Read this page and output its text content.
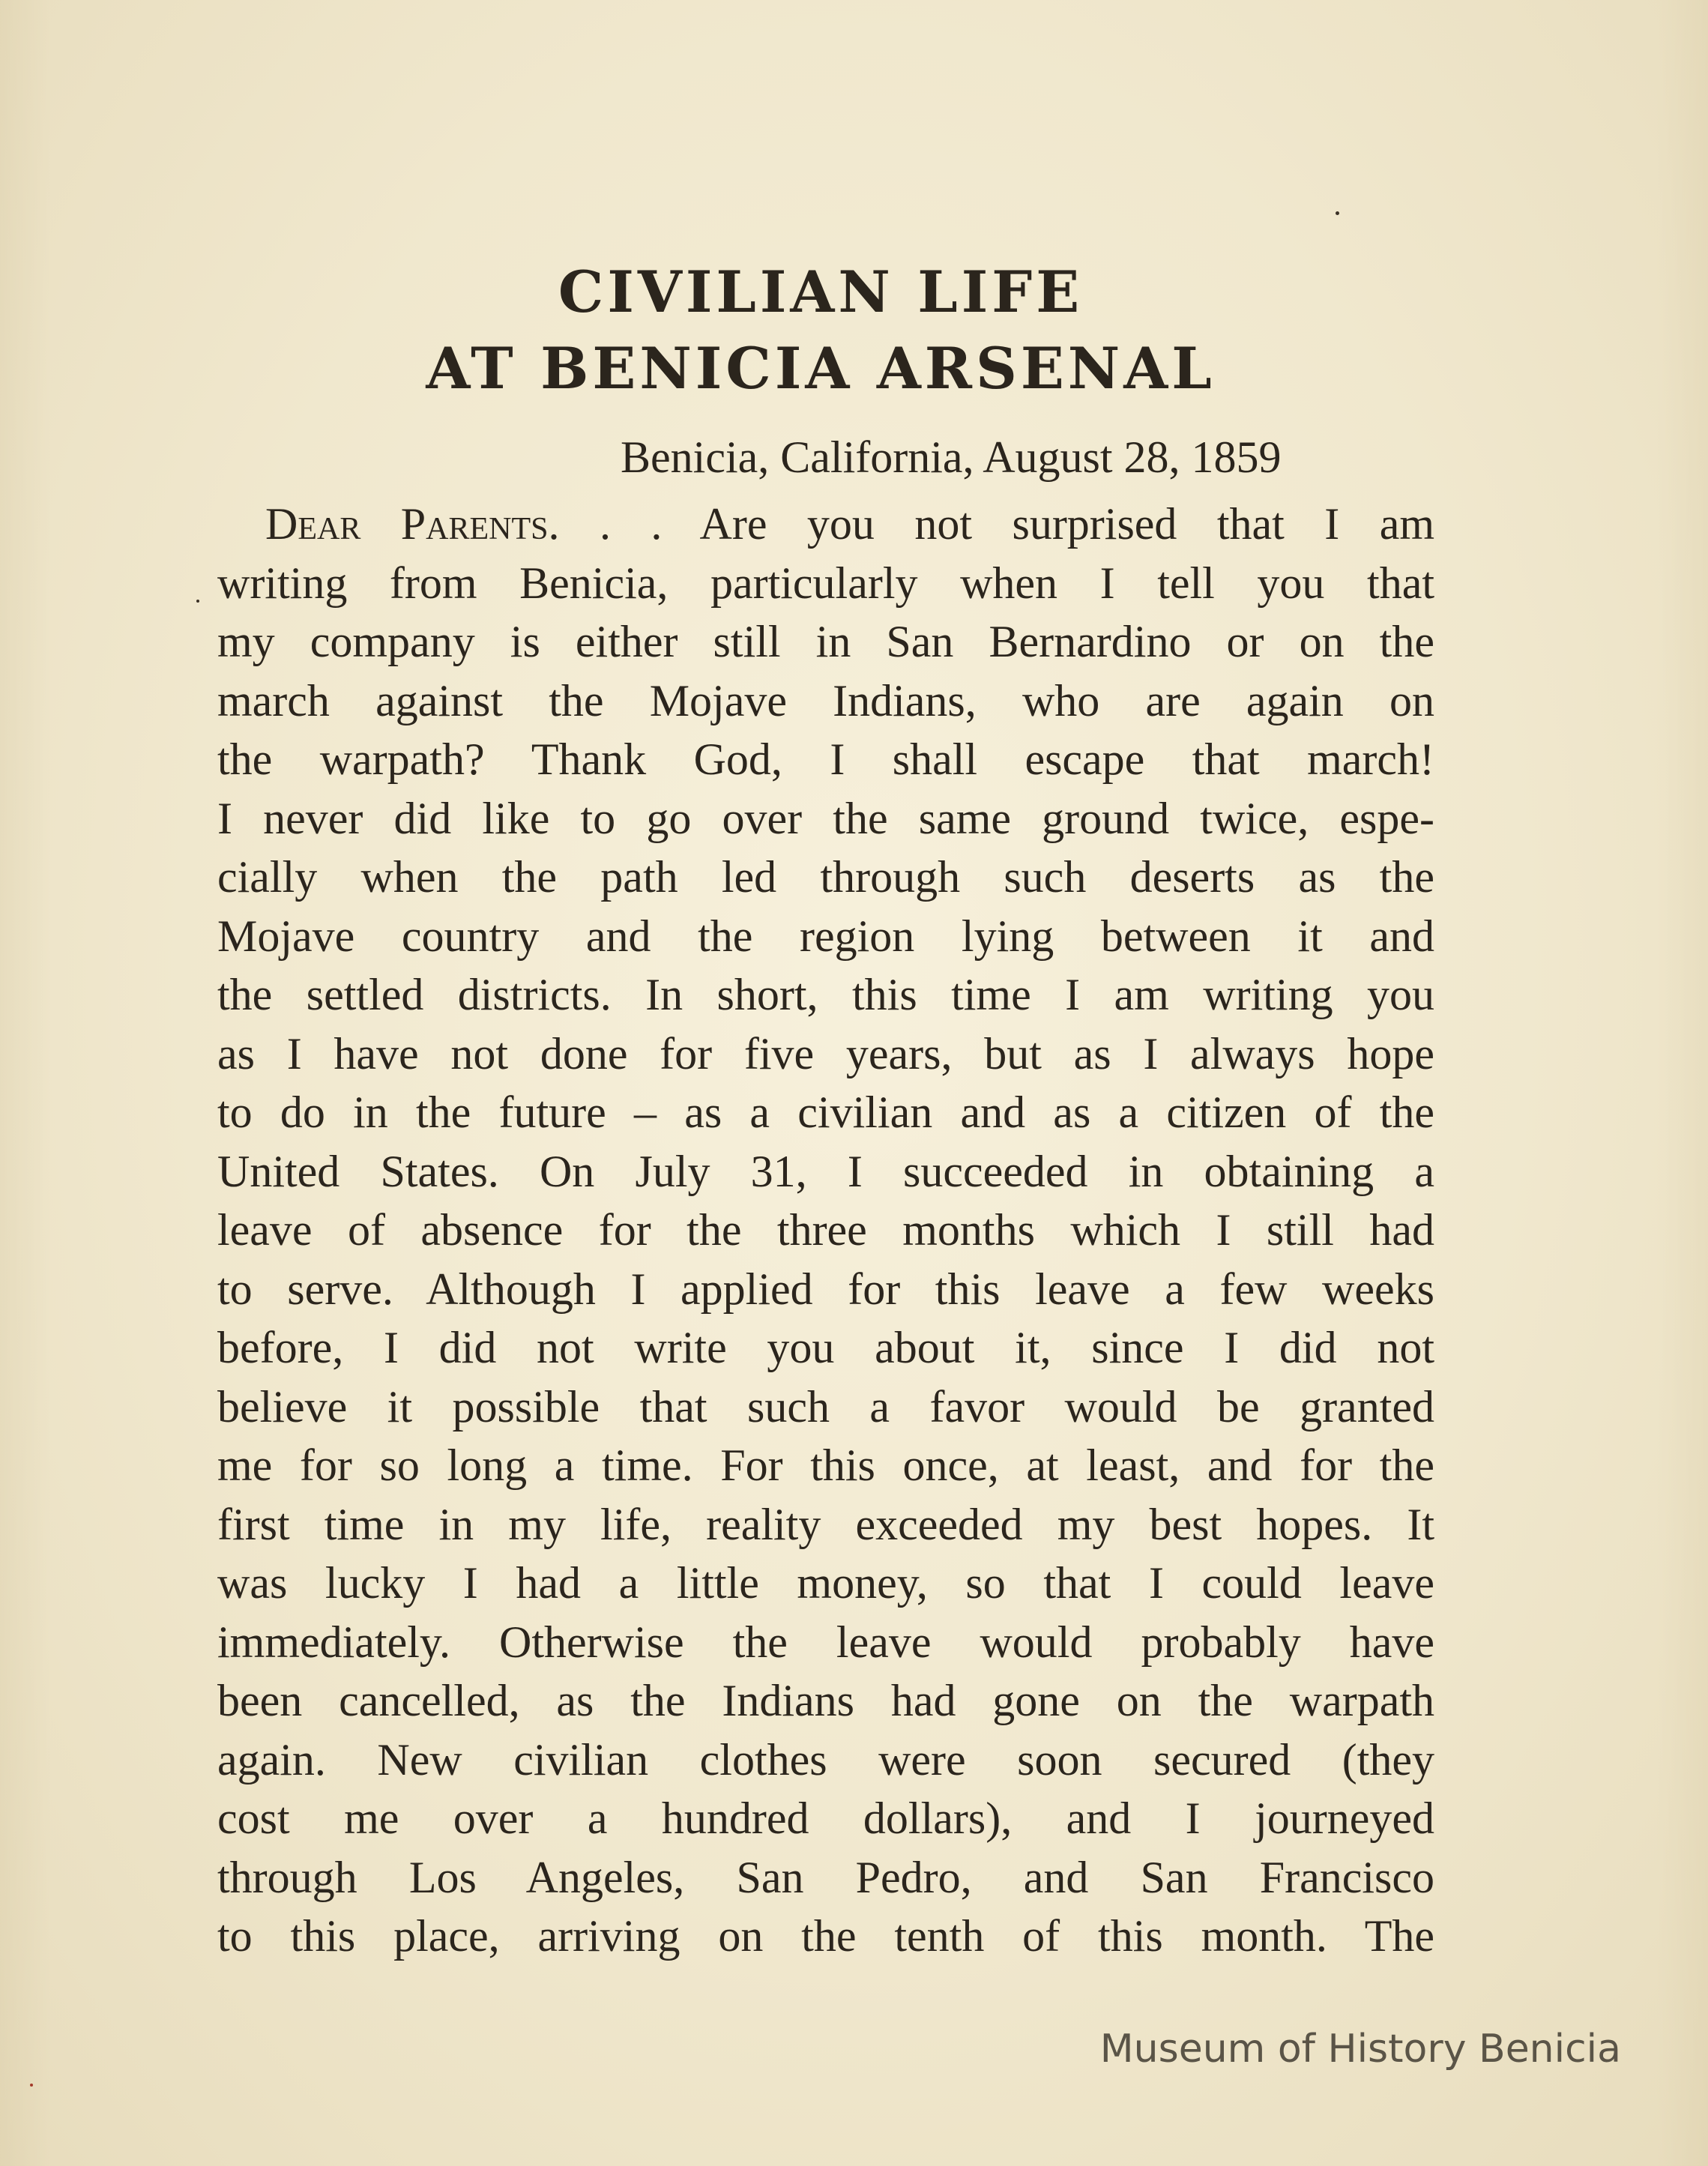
CIVILIAN LIFE
AT BENICIA ARSENAL
Benicia, California, August 28, 1859
Dear Parents. . . Are you not surprised that I am
writing from Benicia, particularly when I tell you that
my company is either still in San Bernardino or on the
march against the Mojave Indians, who are again on
the warpath? Thank God, I shall escape that march!
I never did like to go over the same ground twice, espe-
cially when the path led through such deserts as the
Mojave country and the region lying between it and
the settled districts. In short, this time I am writing you
as I have not done for five years, but as I always hope
to do in the future – as a civilian and as a citizen of the
United States. On July 31, I succeeded in obtaining a
leave of absence for the three months which I still had
to serve. Although I applied for this leave a few weeks
before, I did not write you about it, since I did not
believe it possible that such a favor would be granted
me for so long a time. For this once, at least, and for the
first time in my life, reality exceeded my best hopes. It
was lucky I had a little money, so that I could leave
immediately. Otherwise the leave would probably have
been cancelled, as the Indians had gone on the warpath
again. New civilian clothes were soon secured (they
cost me over a hundred dollars), and I journeyed
through Los Angeles, San Pedro, and San Francisco
to this place, arriving on the tenth of this month. The
Museum of History Benicia
